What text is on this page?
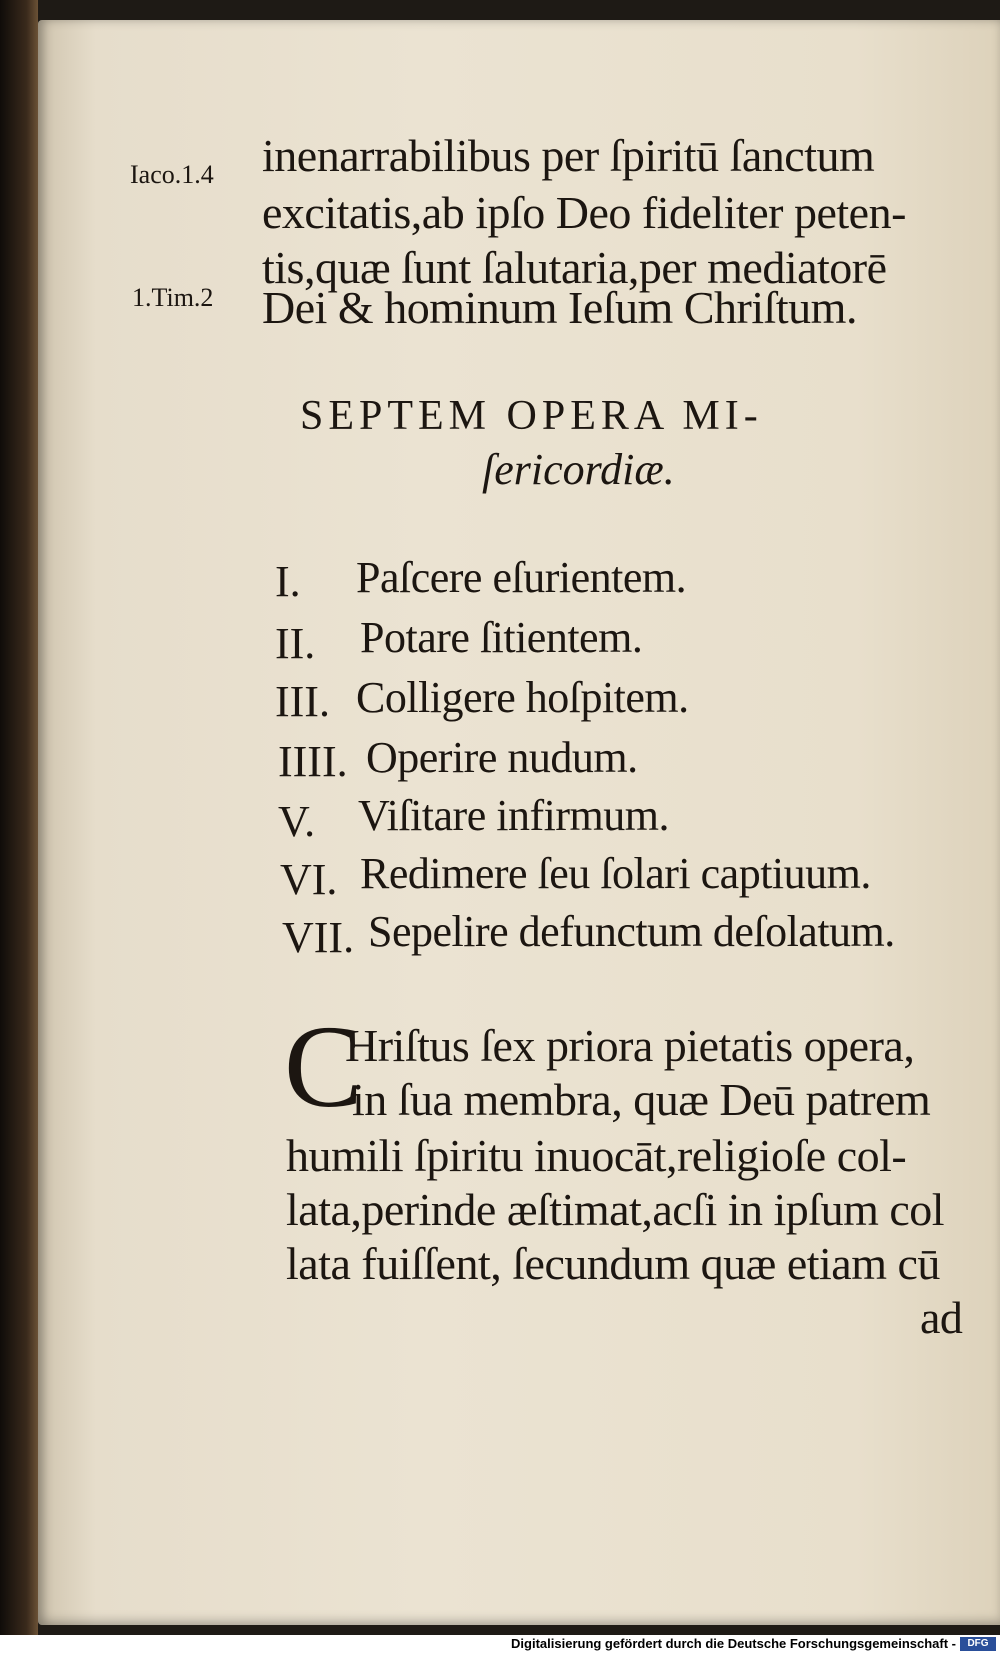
Iaco.1.4
1.Tim.2
inenarrabilibus per ſpiritū ſanctum
excitatis,ab ipſo Deo fideliter peten-
tis,quæ ſunt ſalutaria,per mediatorē
Dei & hominum Ieſum Chriſtum.
SEPTEM OPERA MI-
ſericordiæ.
I. Paſcere eſurientem.
II. Potare ſitientem.
III. Colligere hoſpitem.
IIII. Operire nudum.
V. Viſitare infirmum.
VI. Redimere ſeu ſolari captiuum.
VII. Sepelire defunctum deſolatum.
C
Hriſtus ſex priora pietatis opera,
in ſua membra, quæ Deū patrem
humili ſpiritu inuocāt,religioſe col-
lata,perinde æſtimat,acſi in ipſum col
lata fuiſſent, ſecundum quæ etiam cū
ad
Digitalisierung gefördert durch die Deutsche Forschungsgemeinschaft -	DFG
